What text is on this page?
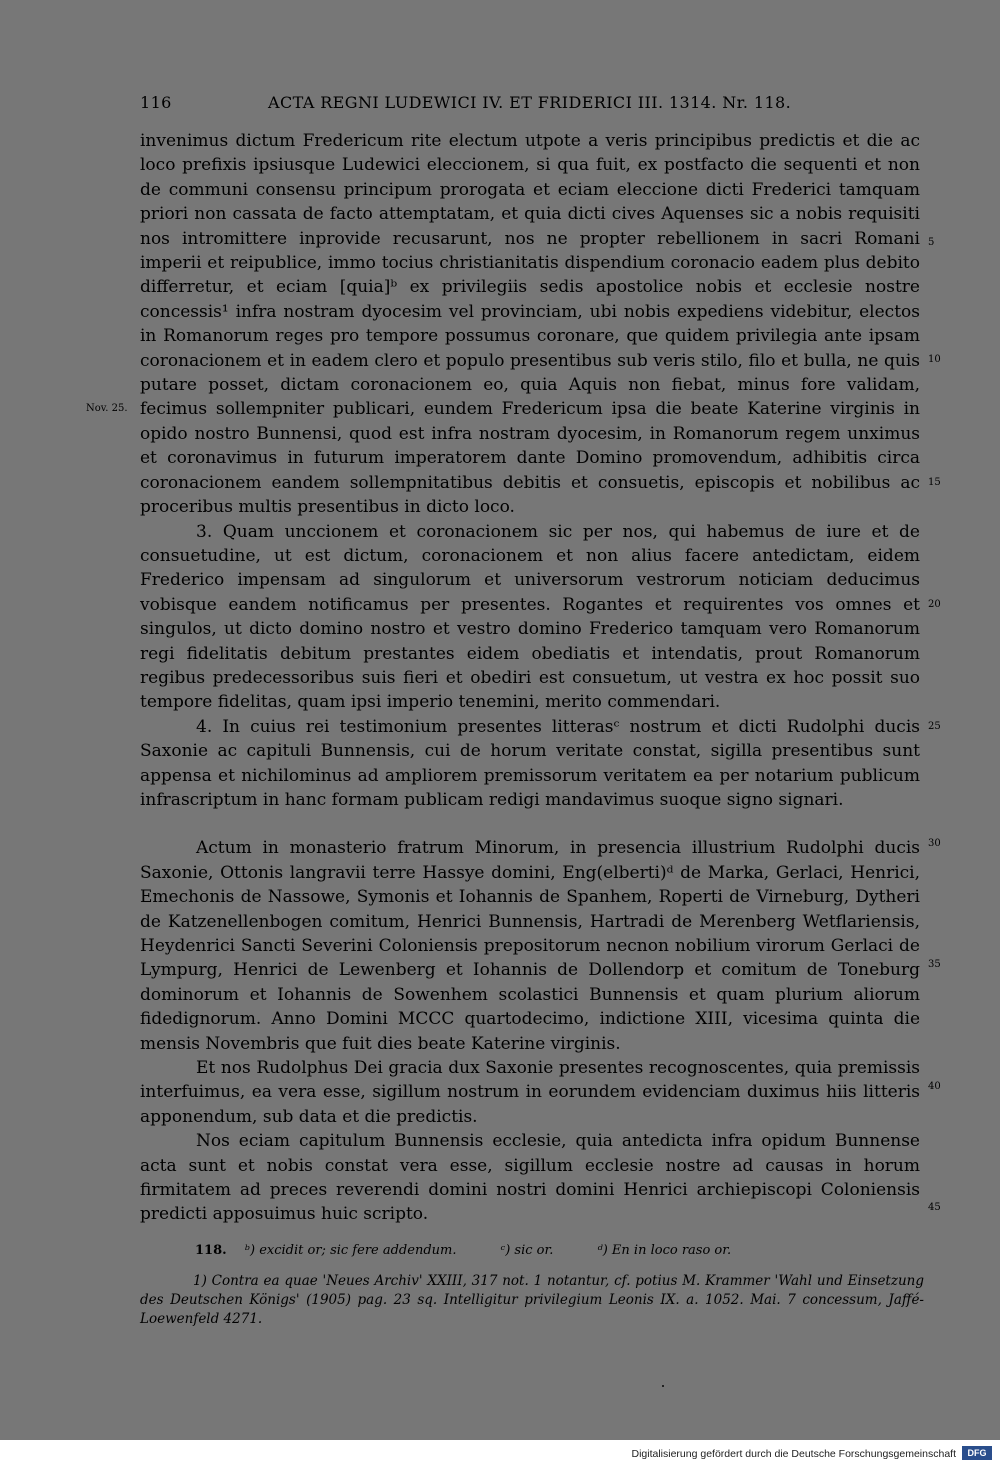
116	ACTA REGNI LUDEWICI IV. ET FRIDERICI III. 1314. Nr. 118.
Nov. 25.
5
10
15
20
25
30
35
40
45

invenimus dictum Fredericum rite electum utpote a veris principibus predictis et die ac loco prefixis ipsiusque Ludewici eleccionem, si qua fuit, ex postfacto die sequenti et non de communi consensu principum prorogata et eciam eleccione dicti Frederici tamquam priori non cassata de facto attemptatam, et quia dicti cives Aquenses sic a nobis requisiti nos intromittere inprovide recusarunt, nos ne propter rebellionem in sacri Romani imperii et reipublice, immo tocius christianitatis dispendium coronacio eadem plus debito differretur, et eciam [quia]ᵇ ex privilegiis sedis apostolice nobis et ecclesie nostre concessis¹ infra nostram dyocesim vel provinciam, ubi nobis expediens videbitur, electos in Romanorum reges pro tempore possumus coronare, que quidem privilegia ante ipsam coronacionem et in eadem clero et populo presentibus sub veris stilo, filo et bulla, ne quis putare posset, dictam coronacionem eo, quia Aquis non fiebat, minus fore validam, fecimus sollempniter publicari, eundem Fredericum ipsa die beate Katerine virginis in opido nostro Bunnensi, quod est infra nostram dyocesim, in Romanorum regem unximus et coronavimus in futurum imperatorem dante Domino promovendum, adhibitis circa coronacionem eandem sollempnitatibus debitis et consuetis, episcopis et nobilibus ac proceribus multis presentibus in dicto loco.

3. Quam unccionem et coronacionem sic per nos, qui habemus de iure et de consuetudine, ut est dictum, coronacionem et non alius facere antedictam, eidem Frederico impensam ad singulorum et universorum vestrorum noticiam deducimus vobisque eandem notificamus per presentes. Rogantes et requirentes vos omnes et singulos, ut dicto domino nostro et vestro domino Frederico tamquam vero Romanorum regi fidelitatis debitum prestantes eidem obediatis et intendatis, prout Romanorum regibus predecessoribus suis fieri et obediri est consuetum, ut vestra ex hoc possit suo tempore fidelitas, quam ipsi imperio tenemini, merito commendari.

4. In cuius rei testimonium presentes litterasᶜ nostrum et dicti Rudolphi ducis Saxonie ac capituli Bunnensis, cui de horum veritate constat, sigilla presentibus sunt appensa et nichilominus ad ampliorem premissorum veritatem ea per notarium publicum infrascriptum in hanc formam publicam redigi mandavimus suoque signo signari.

Actum in monasterio fratrum Minorum, in presencia illustrium Rudolphi ducis Saxonie, Ottonis langravii terre Hassye domini, Eng(elberti)ᵈ de Marka, Gerlaci, Henrici, Emechonis de Nassowe, Symonis et Iohannis de Spanhem, Roperti de Virneburg, Dytheri de Katzenellenbogen comitum, Henrici Bunnensis, Hartradi de Merenberg Wetflariensis, Heydenrici Sancti Severini Coloniensis prepositorum necnon nobilium virorum Gerlaci de Lympurg, Henrici de Lewenberg et Iohannis de Dollendorp et comitum de Toneburg dominorum et Iohannis de Sowenhem scolastici Bunnensis et quam plurium aliorum fidedignorum. Anno Domini MCCC quartodecimo, indictione XIII, vicesima quinta die mensis Novembris que fuit dies beate Katerine virginis.

Et nos Rudolphus Dei gracia dux Saxonie presentes recognoscentes, quia premissis interfuimus, ea vera esse, sigillum nostrum in eorundem evidenciam duximus hiis litteris apponendum, sub data et die predictis.

Nos eciam capitulum Bunnensis ecclesie, quia antedicta infra opidum Bunnense acta sunt et nobis constat vera esse, sigillum ecclesie nostre ad causas in horum firmitatem ad preces reverendi domini nostri domini Henrici archiepiscopi Coloniensis predicti apposuimus huic scripto.

118. ᵇ) excidit or; sic fere addendum.	ᶜ) sic or.	ᵈ) En in loco raso or.
1) Contra ea quae 'Neues Archiv' XXIII, 317 not. 1 notantur, cf. potius M. Krammer 'Wahl und Einsetzung des Deutschen Königs' (1905) pag. 23 sq. Intelligitur privilegium Leonis IX. a. 1052. Mai. 7 concessum, Jaffé-Loewenfeld 4271.
Digitalisierung gefördert durch die Deutsche Forschungsgemeinschaft	DFG
